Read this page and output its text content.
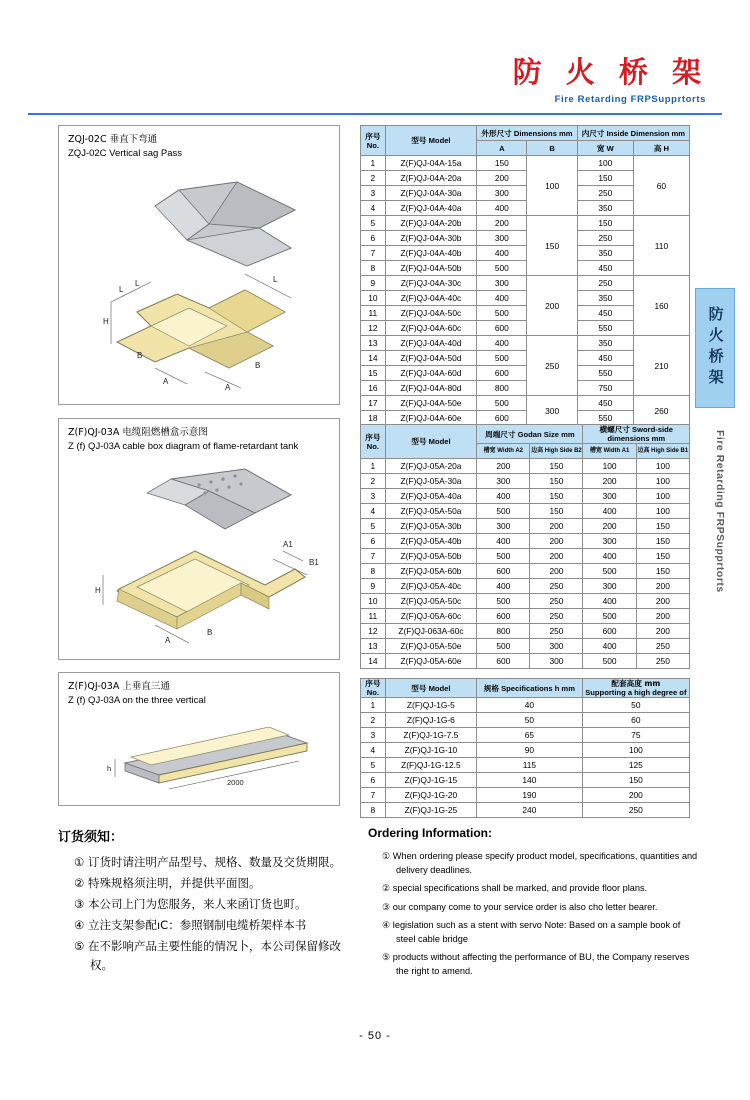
防 火 桥 架
Fire Retarding FRPSupprtorts
防火桥架
Fire Retarding FRPSupprtorts
ZQJ-02C 垂直下弯通
ZQJ-02C Vertical sag Pass
L
H
L
L
A
A
B
B
Z(F)QJ-03A 电缆阻燃槽盒示意图
Z (f) QJ-03A cable box diagram of flame-retardant tank
A1
B1
H
A
B
Z(F)QJ-03A 上垂直三通
Z (f) QJ-03A on the three vertical
h
2000
序号
No.	型号 Model	外形尺寸 Dimensions mm		内尺寸 Inside Dimension mm	
		A	B	宽 W	高 H
1	Z(F)QJ-04A-15a	150	100	100	60
2	Z(F)QJ-04A-20a	200		150	
3	Z(F)QJ-04A-30a	300		250	
4	Z(F)QJ-04A-40a	400		350	
5	Z(F)QJ-04A-20b	200	150	150	110
6	Z(F)QJ-04A-30b	300		250	
7	Z(F)QJ-04A-40b	400		350	
8	Z(F)QJ-04A-50b	500		450	
9	Z(F)QJ-04A-30c	300	200	250	160
10	Z(F)QJ-04A-40c	400		350	
11	Z(F)QJ-04A-50c	500		450	
12	Z(F)QJ-04A-60c	600		550	
13	Z(F)QJ-04A-40d	400	250	350	210
14	Z(F)QJ-04A-50d	500		450	
15	Z(F)QJ-04A-60d	600		550	
16	Z(F)QJ-04A-80d	800		750	
17	Z(F)QJ-04A-50e	500	300	450	260
18	Z(F)QJ-04A-60e	600		550	
序号
No.	型号 Model	周端尺寸 Godan Size mm		横螺尺寸 Sword-side dimensions mm	
		槽宽 Width A2	边高 High Side B2	槽宽 Width A1	边高 High Side B1
1	Z(F)QJ-05A-20a	200	150	100	100
2	Z(F)QJ-05A-30a	300	150	200	100
3	Z(F)QJ-05A-40a	400	150	300	100
4	Z(F)QJ-05A-50a	500	150	400	100
5	Z(F)QJ-05A-30b	300	200	200	150
6	Z(F)QJ-05A-40b	400	200	300	150
7	Z(F)QJ-05A-50b	500	200	400	150
8	Z(F)QJ-05A-60b	600	200	500	150
9	Z(F)QJ-05A-40c	400	250	300	200
10	Z(F)QJ-05A-50c	500	250	400	200
11	Z(F)QJ-05A-60c	600	250	500	200
12	Z(F)QJ-063A-60c	800	250	600	200
13	Z(F)QJ-05A-50e	500	300	400	250
14	Z(F)QJ-05A-60e	600	300	500	250
序号
No.	型号 Model	规格 Specifications h mm	配套高度 mm
Supporting a high degree of

1	Z(F)QJ-1G-5	40	50
2	Z(F)QJ-1G-6	50	60
3	Z(F)QJ-1G-7.5	65	75
4	Z(F)QJ-1G-10	90	100
5	Z(F)QJ-1G-12.5	115	125
6	Z(F)QJ-1G-15	140	150
7	Z(F)QJ-1G-20	190	200
8	Z(F)QJ-1G-25	240	250
订货须知：
① 订货时请注明产品型号、规格、数量及交货期限。
② 特殊规格须注明，并提供平面图。
③ 本公司上门为您服务，来人来函订货也町。
④ 立注支架参配ıC：参照钢制电缆桥架样本书
⑤ 在不影响产品主要性能的情况卜，本公司保留修改权。
Ordering Information:
① When ordering please specify product model, specifications, quantities and delivery deadlines.
② special specifications shall be marked, and provide floor plans.
③ our company come to your service order is also cho letter bearer.
④ legislation such as a stent with servo Note: Based on a sample book of steel cable bridge
⑤ products without affecting the performance of BU, the Company reserves the right to amend.
- 50 -
